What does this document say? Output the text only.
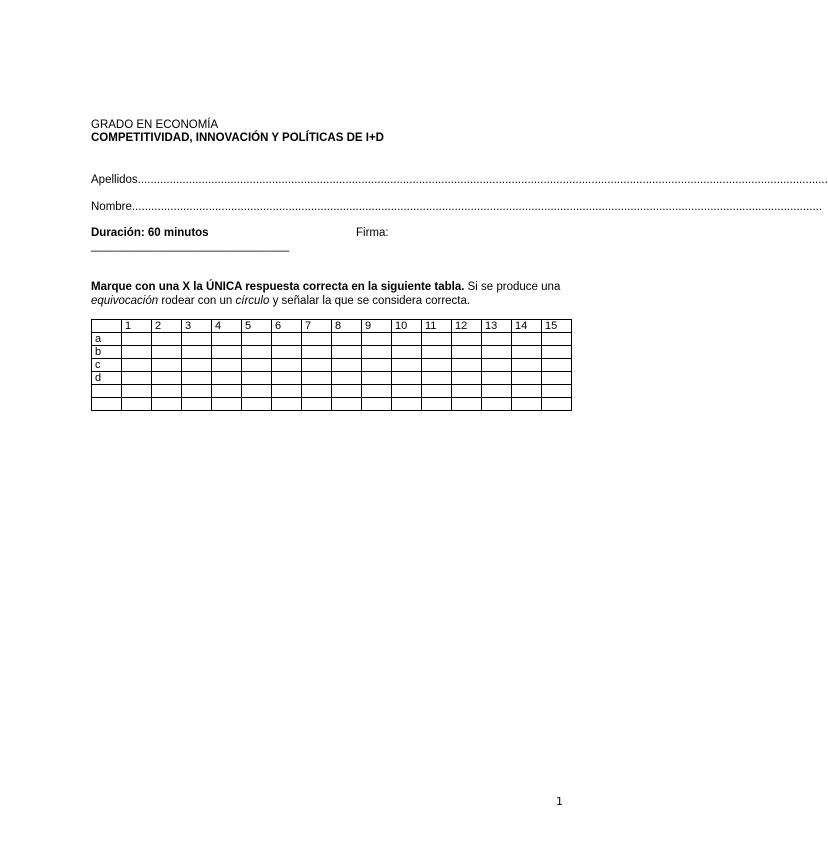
GRADO EN ECONOMÍA
COMPETITIVIDAD, INNOVACIÓN Y POLÍTICAS DE I+D
Apellidos........................................................................................................................................................................................................................
Nombre........................................................................................................................................................................................................................
Duración: 60 minutos	Firma:
_______________________________
Marque con una X la ÚNICA respuesta correcta en la siguiente tabla. Si se produce una
equivocación rodear con un círculo y señalar la que se considera correcta.
	1	2	3	4	5	6	7	8	9	10	11	12	13	14	15
a															
b															
c															
d															

1
